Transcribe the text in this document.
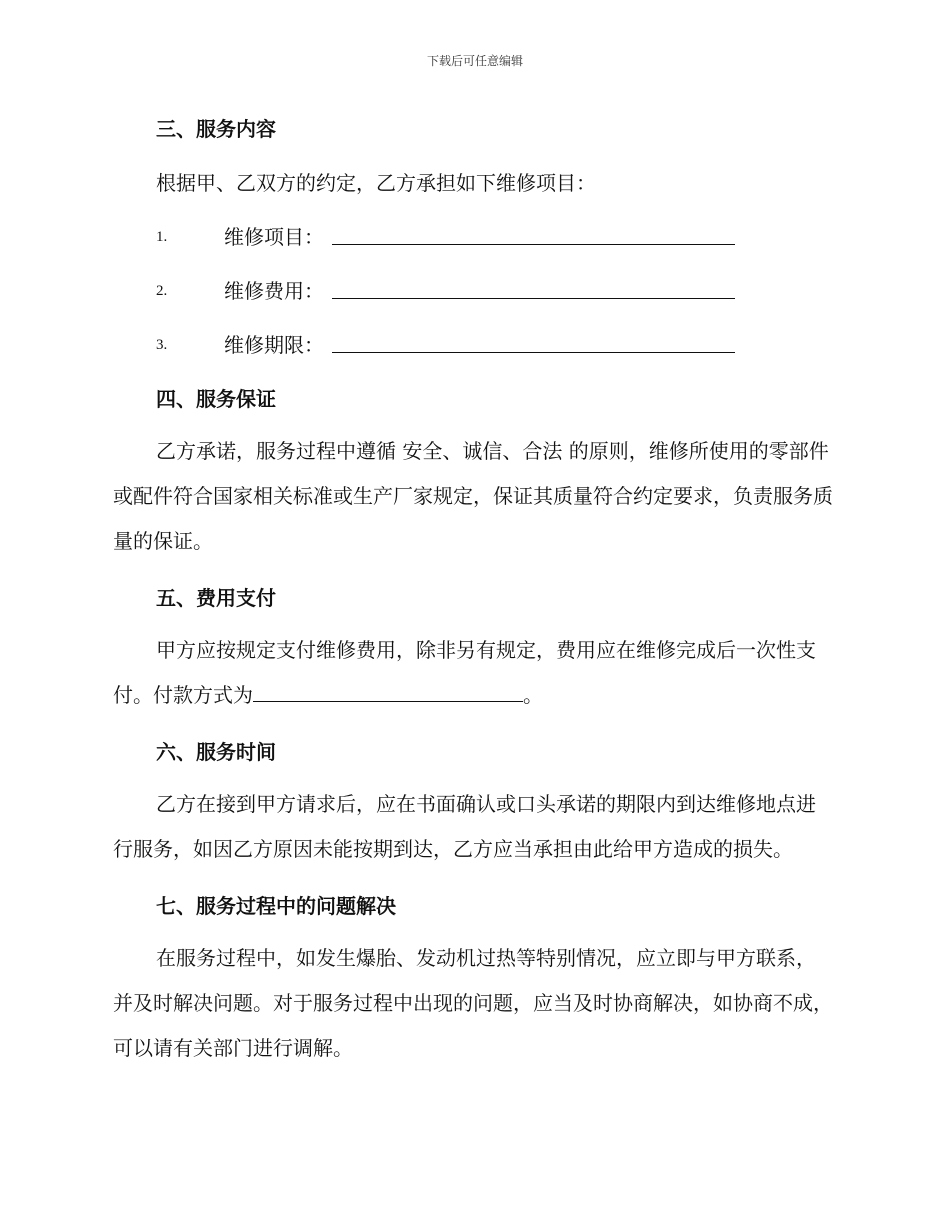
下载后可任意编辑
三、服务内容

根据甲、乙双方的约定，乙方承担如下维修项目：

1.	维修项目：
2.	维修费用：
3.	维修期限：
四、服务保证

乙方承诺，服务过程中遵循 安全、诚信、合法 的原则，维修所使用的零部件或配件符合国家相关标准或生产厂家规定，保证其质量符合约定要求，负责服务质量的保证。

五、费用支付

甲方应按规定支付维修费用，除非另有规定，费用应在维修完成后一次性支付。付款方式为	。

六、服务时间

乙方在接到甲方请求后，应在书面确认或口头承诺的期限内到达维修地点进行服务，如因乙方原因未能按期到达，乙方应当承担由此给甲方造成的损失。

七、服务过程中的问题解决

在服务过程中，如发生爆胎、发动机过热等特别情况，应立即与甲方联系，并及时解决问题。对于服务过程中出现的问题，应当及时协商解决，如协商不成，可以请有关部门进行调解。
